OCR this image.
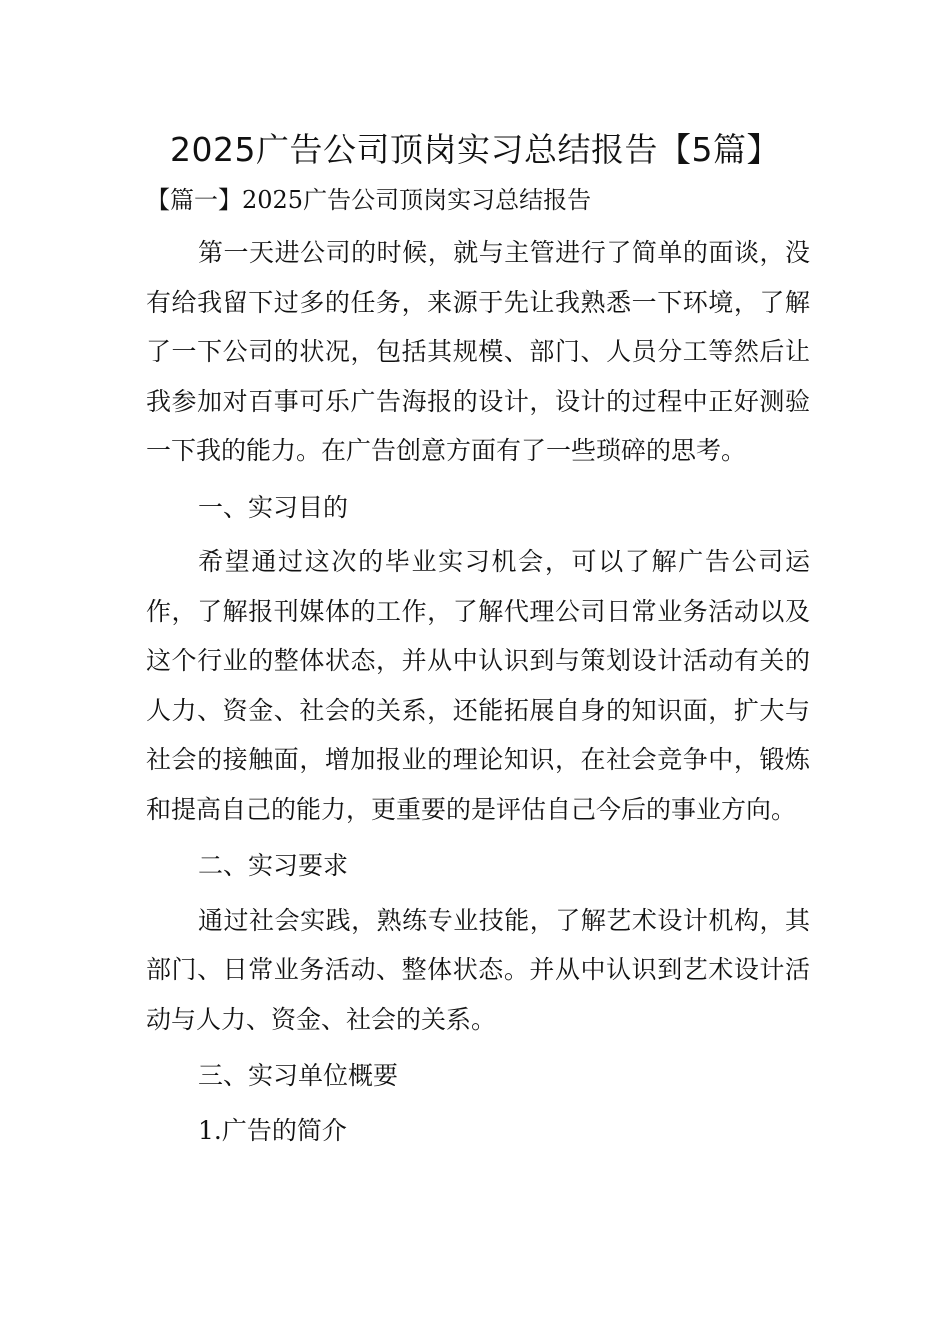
2025广告公司顶岗实习总结报告【5篇】

【篇一】2025广告公司顶岗实习总结报告

第一天进公司的时候，就与主管进行了简单的面谈，没有给我留下过多的任务，来源于先让我熟悉一下环境，了解了一下公司的状况，包括其规模、部门、人员分工等然后让我参加对百事可乐广告海报的设计，设计的过程中正好测验一下我的能力。在广告创意方面有了一些琐碎的思考。

一、实习目的

希望通过这次的毕业实习机会，可以了解广告公司运作，了解报刊媒体的工作，了解代理公司日常业务活动以及这个行业的整体状态，并从中认识到与策划设计活动有关的人力、资金、社会的关系，还能拓展自身的知识面，扩大与社会的接触面，增加报业的理论知识，在社会竞争中，锻炼和提高自己的能力，更重要的是评估自己今后的事业方向。

二、实习要求

通过社会实践，熟练专业技能，了解艺术设计机构，其部门、日常业务活动、整体状态。并从中认识到艺术设计活动与人力、资金、社会的关系。

三、实习单位概要

1.广告的简介
